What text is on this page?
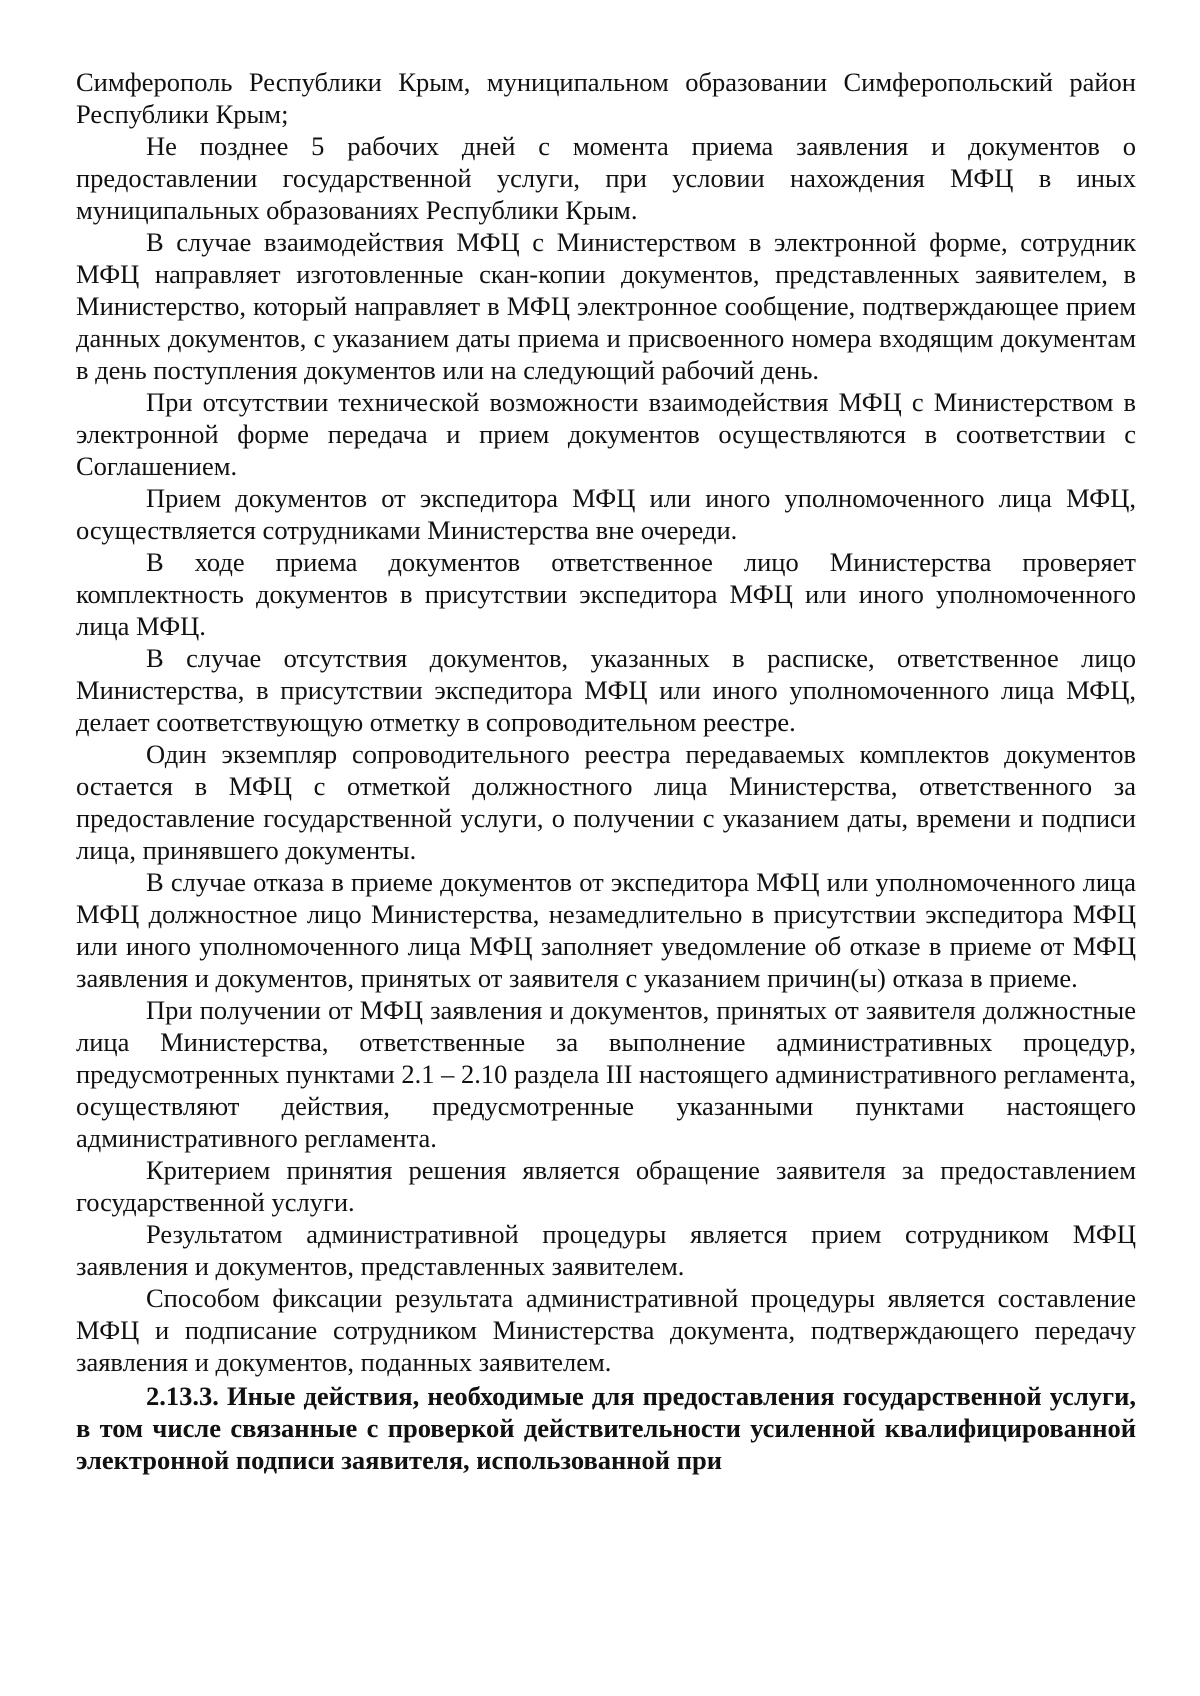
Симферополь Республики Крым, муниципальном образовании Симферопольский район Республики Крым;

Не позднее 5 рабочих дней с момента приема заявления и документов о предоставлении государственной услуги, при условии нахождения МФЦ в иных муниципальных образованиях Республики Крым.

В случае взаимодействия МФЦ с Министерством в электронной форме, сотрудник МФЦ направляет изготовленные скан-копии документов, представленных заявителем, в Министерство, который направляет в МФЦ электронное сообщение, подтверждающее прием данных документов, с указанием даты приема и присвоенного номера входящим документам в день поступления документов или на следующий рабочий день.

При отсутствии технической возможности взаимодействия МФЦ с Министерством в электронной форме передача и прием документов осуществляются в соответствии с Соглашением.

Прием документов от экспедитора МФЦ или иного уполномоченного лица МФЦ, осуществляется сотрудниками Министерства вне очереди.

В ходе приема документов ответственное лицо Министерства проверяет комплектность документов в присутствии экспедитора МФЦ или иного уполномоченного лица МФЦ.

В случае отсутствия документов, указанных в расписке, ответственное лицо Министерства, в присутствии экспедитора МФЦ или иного уполномоченного лица МФЦ, делает соответствующую отметку в сопроводительном реестре.

Один экземпляр сопроводительного реестра передаваемых комплектов документов остается в МФЦ с отметкой должностного лица Министерства, ответственного за предоставление государственной услуги, о получении с указанием даты, времени и подписи лица, принявшего документы.

В случае отказа в приеме документов от экспедитора МФЦ или уполномоченного лица МФЦ должностное лицо Министерства, незамедлительно в присутствии экспедитора МФЦ или иного уполномоченного лица МФЦ заполняет уведомление об отказе в приеме от МФЦ заявления и документов, принятых от заявителя с указанием причин(ы) отказа в приеме.

При получении от МФЦ заявления и документов, принятых от заявителя должностные лица Министерства, ответственные за выполнение административных процедур, предусмотренных пунктами 2.1 – 2.10 раздела III настоящего административного регламента, осуществляют действия, предусмотренные указанными пунктами настоящего административного регламента.

Критерием принятия решения является обращение заявителя за предоставлением государственной услуги.

Результатом административной процедуры является прием сотрудником МФЦ заявления и документов, представленных заявителем.

Способом фиксации результата административной процедуры является составление МФЦ и подписание сотрудником Министерства документа, подтверждающего передачу заявления и документов, поданных заявителем.

2.13.3. Иные действия, необходимые для предоставления государственной услуги, в том числе связанные с проверкой действительности усиленной квалифицированной электронной подписи заявителя, использованной при
